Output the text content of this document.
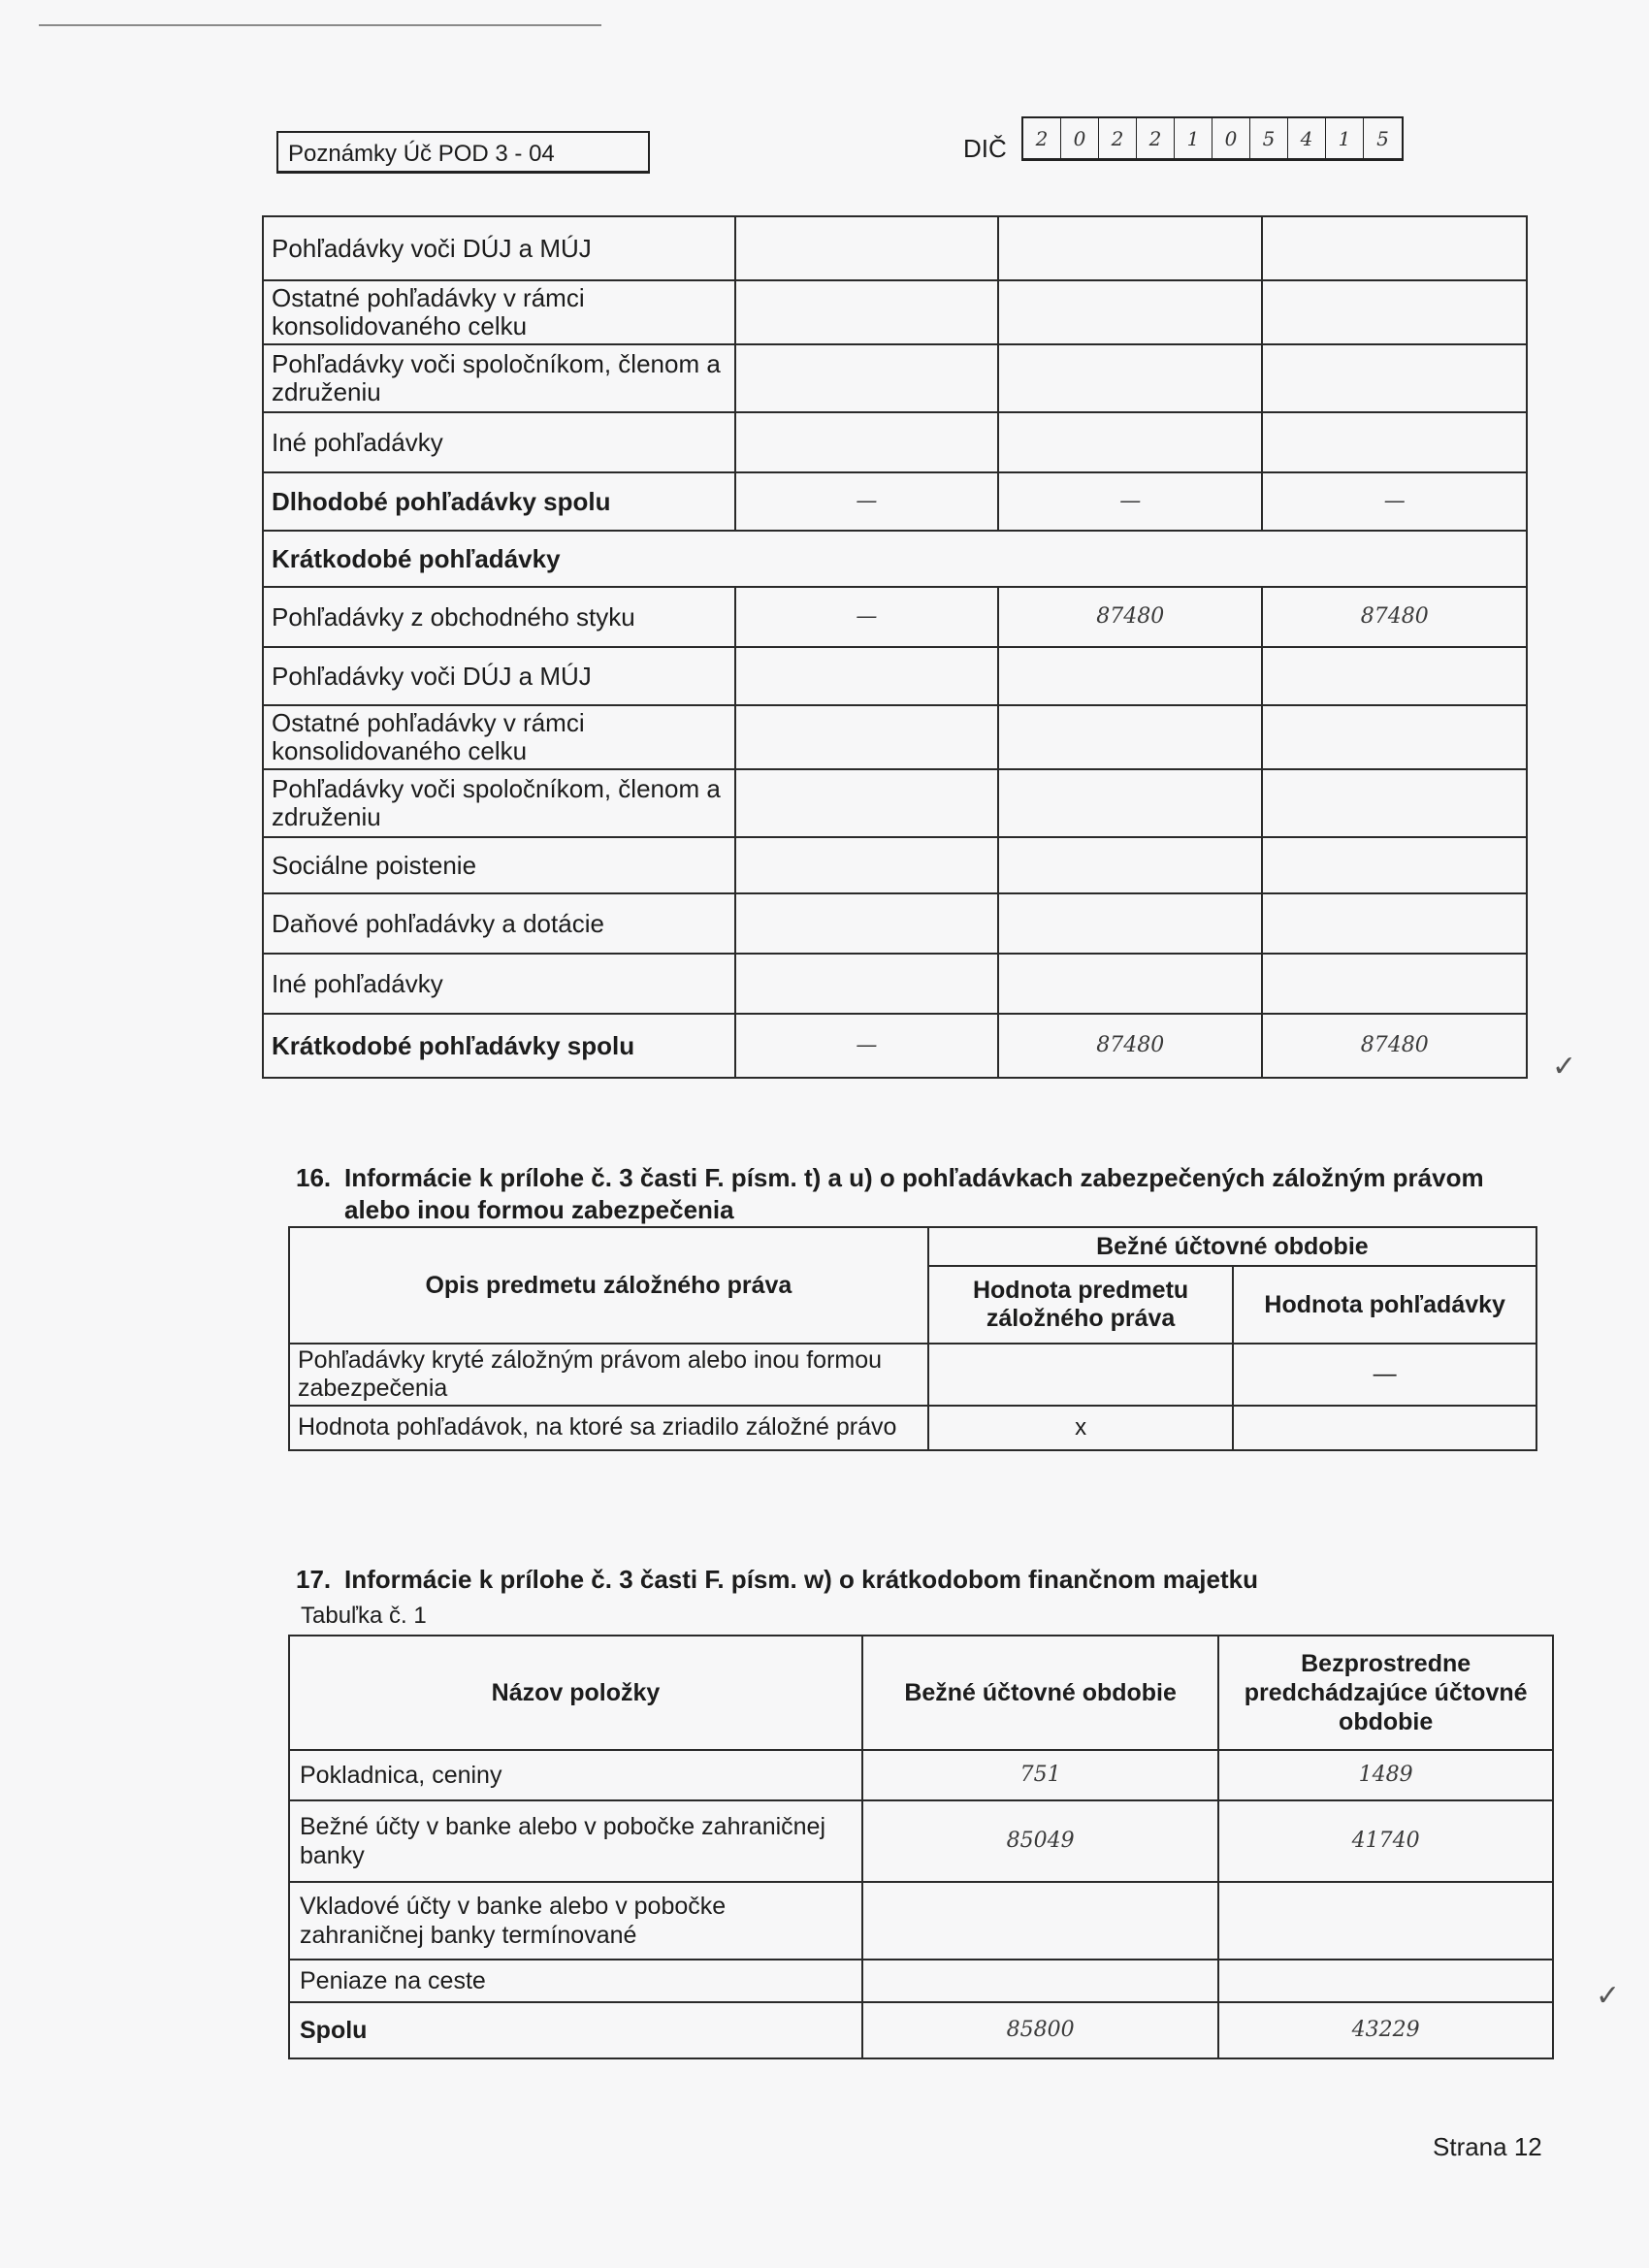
Poznámky Úč POD 3 - 04	DIČ	2	0	2	2	1	0	5	4	1	5
Pohľadávky voči DÚJ a MÚJ			
Ostatné pohľadávky v rámci konsolidovaného celku			
Pohľadávky voči spoločníkom, členom a združeniu			
Iné pohľadávky			
Dlhodobé pohľadávky spolu	—	—	—
Krátkodobé pohľadávky			
Pohľadávky z obchodného styku	—	87480	87480
Pohľadávky voči DÚJ a MÚJ			
Ostatné pohľadávky v rámci konsolidovaného celku			
Pohľadávky voči spoločníkom, členom a združeniu			
Sociálne poistenie			
Daňové pohľadávky a dotácie			
Iné pohľadávky			
Krátkodobé pohľadávky spolu	—	87480	87480
✓
16. Informácie k prílohe č. 3 časti F. písm. t) a u) o pohľadávkach zabezpečených záložným právom alebo inou formou zabezpečenia
Opis predmetu záložného práva	Bežné účtovné obdobie	
	Hodnota predmetu záložného práva	Hodnota pohľadávky
Pohľadávky kryté záložným právom alebo inou formou zabezpečenia		—
Hodnota pohľadávok, na ktoré sa zriadilo záložné právo	x	
17. Informácie k prílohe č. 3 časti F. písm. w) o krátkodobom finančnom majetku
Tabuľka č. 1
Názov položky	Bežné účtovné obdobie	Bezprostredne predchádzajúce účtovné obdobie
Pokladnica, ceniny	751	1489
Bežné účty v banke alebo v pobočke zahraničnej banky	85049	41740
Vkladové účty v banke alebo v pobočke zahraničnej banky termínované		
Peniaze na ceste		
Spolu	85800	43229
✓
Strana 12
